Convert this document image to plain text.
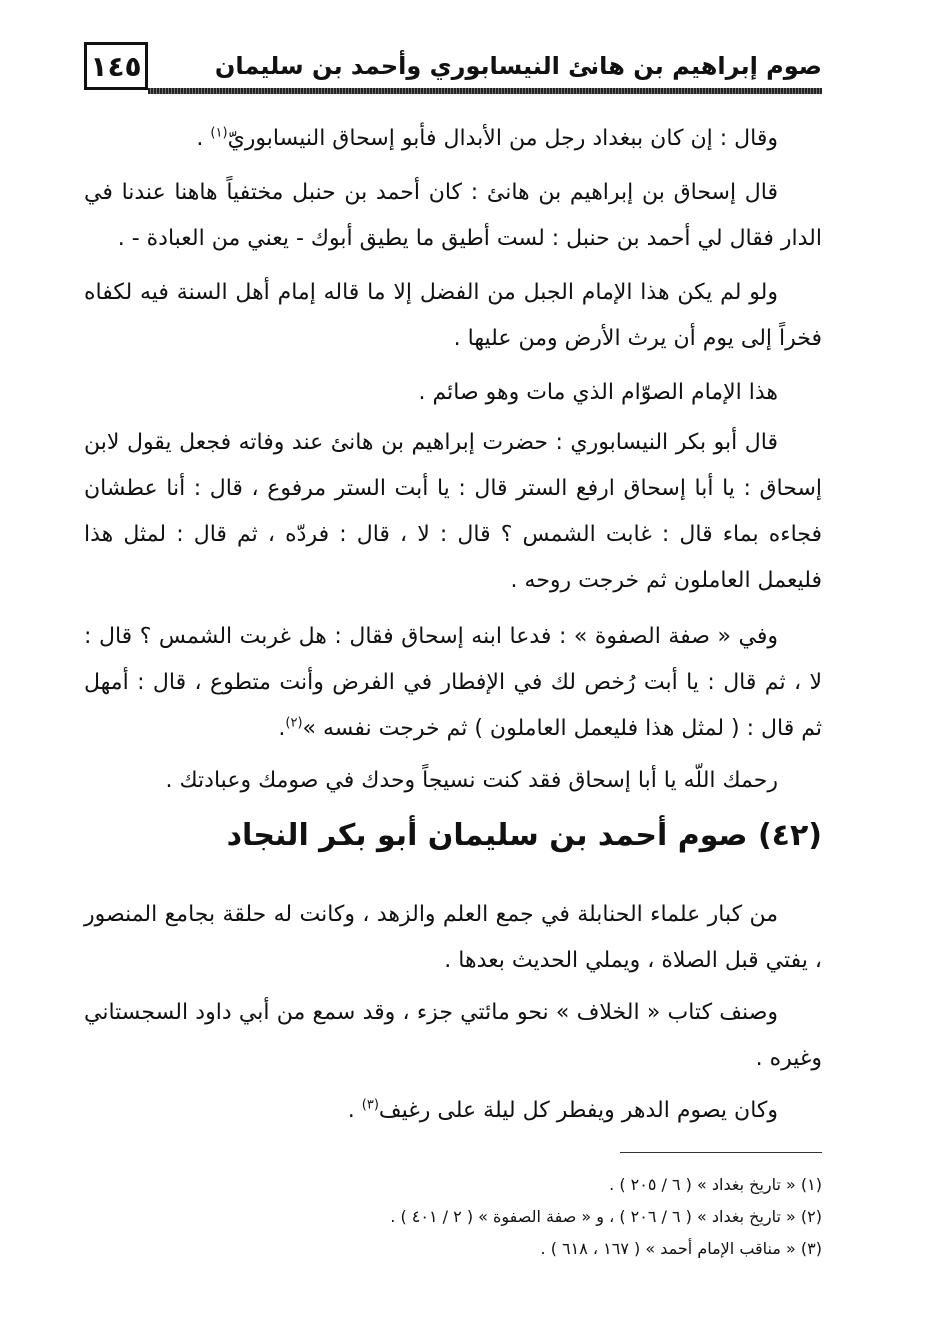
١٤٥	صوم إبراهيم بن هانئ النيسابوري وأحمد بن سليمان

وقال : إن كان ببغداد رجل من الأبدال فأبو إسحاق النيسابوريّ$^{(١)}$ .

قال إسحاق بن إبراهيم بن هانئ : كان أحمد بن حنبل مختفياً هاهنا عندنا في الدار فقال لي أحمد بن حنبل : لست أطيق ما يطيق أبوك - يعني من العبادة - .

ولو لم يكن هذا الإمام الجبل من الفضل إلا ما قاله إمام أهل السنة فيه لكفاه فخراً إلى يوم أن يرث الأرض ومن عليها .

هذا الإمام الصوّام الذي مات وهو صائم .

قال أبو بكر النيسابوري : حضرت إبراهيم بن هانئ عند وفاته فجعل يقول لابن إسحاق : يا أبا إسحاق ارفع الستر قال : يا أبت الستر مرفوع ، قال : أنا عطشان فجاءه بماء قال : غابت الشمس ؟ قال : لا ، قال : فردّه ، ثم قال : لمثل هذا فليعمل العاملون ثم خرجت روحه .

وفي « صفة الصفوة » : فدعا ابنه إسحاق فقال : هل غربت الشمس ؟ قال : لا ، ثم قال : يا أبت رُخص لك في الإفطار في الفرض وأنت متطوع ، قال : أمهل ثم قال : ( لمثل هذا فليعمل العاملون ) ثم خرجت نفسه »$^{(٢)}$.

رحمك اللّه يا أبا إسحاق فقد كنت نسيجاً وحدك في صومك وعبادتك .

(٤٢) صوم أحمد بن سليمان أبو بكر النجاد

من كبار علماء الحنابلة في جمع العلم والزهد ، وكانت له حلقة بجامع المنصور ، يفتي قبل الصلاة ، ويملي الحديث بعدها .

وصنف كتاب « الخلاف » نحو مائتي جزء ، وقد سمع من أبي داود السجستاني وغيره .

وكان يصوم الدهر ويفطر كل ليلة على رغيف$^{(٣)}$ .

(١) « تاريخ بغداد » ( ٦ / ٢٠٥ ) .
(٢) « تاريخ بغداد » ( ٦ / ٢٠٦ ) ، و « صفة الصفوة » ( ٢ / ٤٠١ ) .
(٣) « مناقب الإمام أحمد » ( ١٦٧ ، ٦١٨ ) .
